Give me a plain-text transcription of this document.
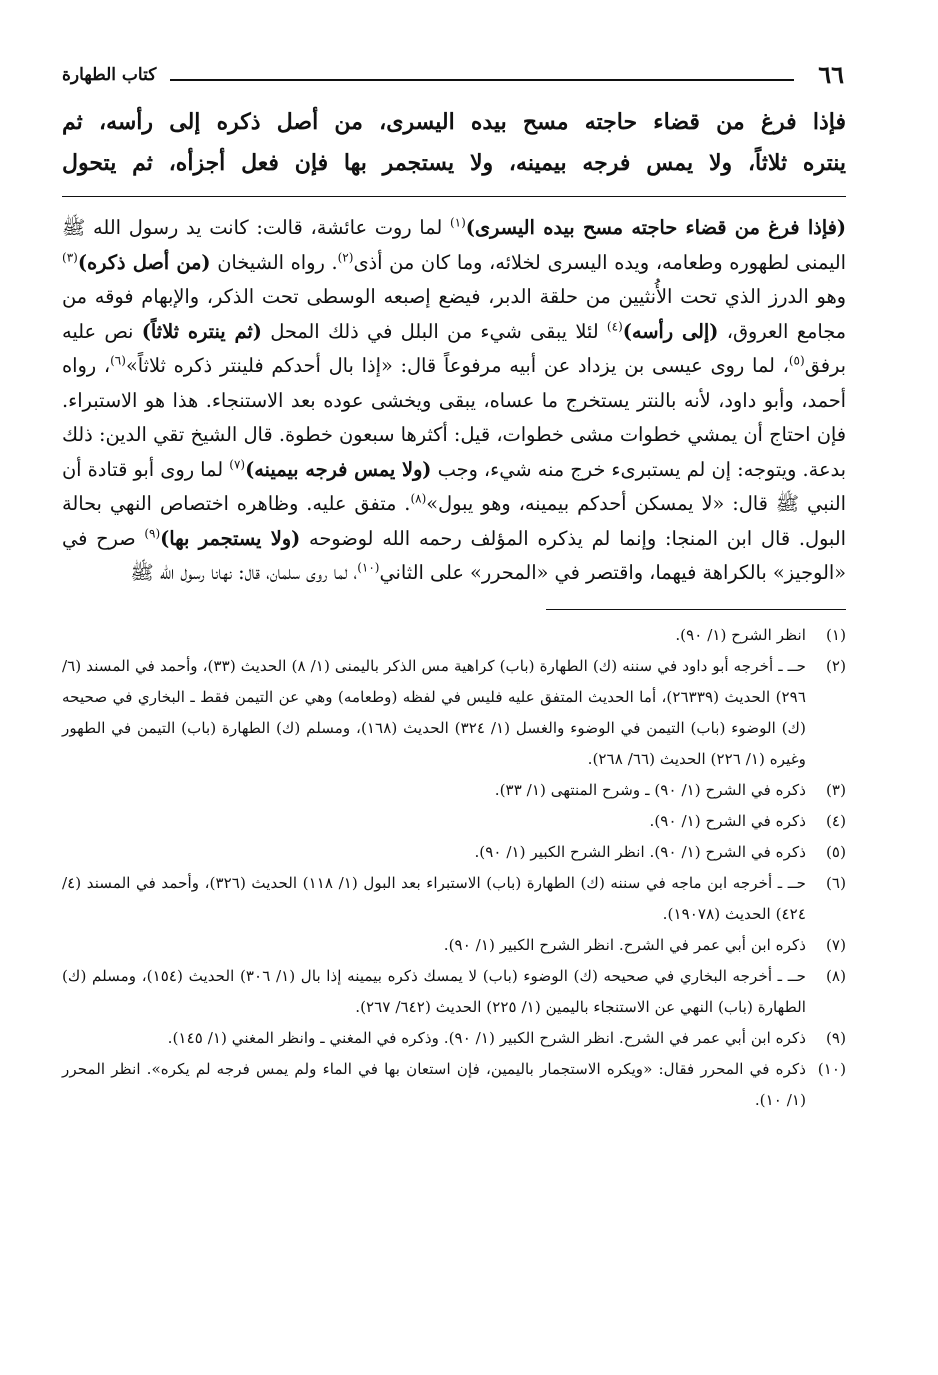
٦٦
كتاب الطهارة

فإذا فرغ من قضاء حاجته مسح بيده اليسرى، من أصل ذكره إلى رأسه، ثم

ينتره ثلاثاً، ولا يمس فرجه بيمينه، ولا يستجمر بها فإن فعل أجزأه، ثم يتحول

(فإذا فرغ من قضاء حاجته مسح بيده اليسرى)$^{(١)}$ لما روت عائشة، قالت: كانت يد رسول الله ﷺ اليمنى لطهوره وطعامه، ويده اليسرى لخلائه، وما كان من أذى$^{(٢)}$. رواه الشيخان (من أصل ذكره)$^{(٣)}$ وهو الدرز الذي تحت الأُنثيين من حلقة الدبر، فيضع إصبعه الوسطى تحت الذكر، والإبهام فوقه من مجامع العروق، (إلى رأسه)$^{(٤)}$ لئلا يبقى شيء من البلل في ذلك المحل (ثم ينتره ثلاثاً) نص عليه برفق$^{(٥)}$، لما روى عيسى بن يزداد عن أبيه مرفوعاً قال: «إذا بال أحدكم فلينتر ذكره ثلاثاً»$^{(٦)}$، رواه أحمد، وأبو داود، لأنه بالنتر يستخرج ما عساه، يبقى ويخشى عوده بعد الاستنجاء. هذا هو الاستبراء. فإن احتاج أن يمشي خطوات مشى خطوات، قيل: أكثرها سبعون خطوة. قال الشيخ تقي الدين: ذلك بدعة. ويتوجه: إن لم يستبرىء خرج منه شيء، وجب (ولا يمس فرجه بيمينه)$^{(٧)}$ لما روى أبو قتادة أن النبي ﷺ قال: «لا يمسكن أحدكم بيمينه، وهو يبول»$^{(٨)}$. متفق عليه. وظاهره اختصاص النهي بحالة البول. قال ابن المنجا: وإنما لم يذكره المؤلف رحمه الله لوضوحه (ولا يستجمر بها)$^{(٩)}$ صرح في «الوجيز» بالكراهة فيهما، واقتصر في «المحرر» على الثاني$^{(١٠)}$، لما روى سلمان، قال: نهانا رسول الله ﷺ

(١)
انظر الشرح (١/ ٩٠).
(٢)
حــ ـ أخرجه أبو داود في سننه (ك) الطهارة (باب) كراهية مس الذكر باليمنى (١/ ٨) الحديث (٣٣)، وأحمد في المسند (٦/ ٢٩٦) الحديث (٢٦٣٣٩)، أما الحديث المتفق عليه فليس في لفظه (وطعامه) وهي عن التيمن فقط ـ البخاري في صحيحه (ك) الوضوء (باب) التيمن في الوضوء والغسل (١/ ٣٢٤) الحديث (١٦٨)، ومسلم (ك) الطهارة (باب) التيمن في الطهور وغيره (١/ ٢٢٦) الحديث (٦٦/ ٢٦٨).
(٣)
ذكره في الشرح (١/ ٩٠) ـ وشرح المنتهى (١/ ٣٣).
(٤)
ذكره في الشرح (١/ ٩٠).
(٥)
ذكره في الشرح (١/ ٩٠). انظر الشرح الكبير (١/ ٩٠).
(٦)
حــ ـ أخرجه ابن ماجه في سننه (ك) الطهارة (باب) الاستبراء بعد البول (١/ ١١٨) الحديث (٣٢٦)، وأحمد في المسند (٤/ ٤٢٤) الحديث (١٩٠٧٨).
(٧)
ذكره ابن أبي عمر في الشرح. انظر الشرح الكبير (١/ ٩٠).
(٨)
حــ ـ أخرجه البخاري في صحيحه (ك) الوضوء (باب) لا يمسك ذكره بيمينه إذا بال (١/ ٣٠٦) الحديث (١٥٤)، ومسلم (ك) الطهارة (باب) النهي عن الاستنجاء باليمين (١/ ٢٢٥) الحديث (٦٤٢/ ٢٦٧).
(٩)
ذكره ابن أبي عمر في الشرح. انظر الشرح الكبير (١/ ٩٠). وذكره في المغني ـ وانظر المغني (١/ ١٤٥).
(١٠)
ذكره في المحرر فقال: «ويكره الاستجمار باليمين، فإن استعان بها في الماء ولم يمس فرجه لم يكره». انظر المحرر (١/ ١٠).
